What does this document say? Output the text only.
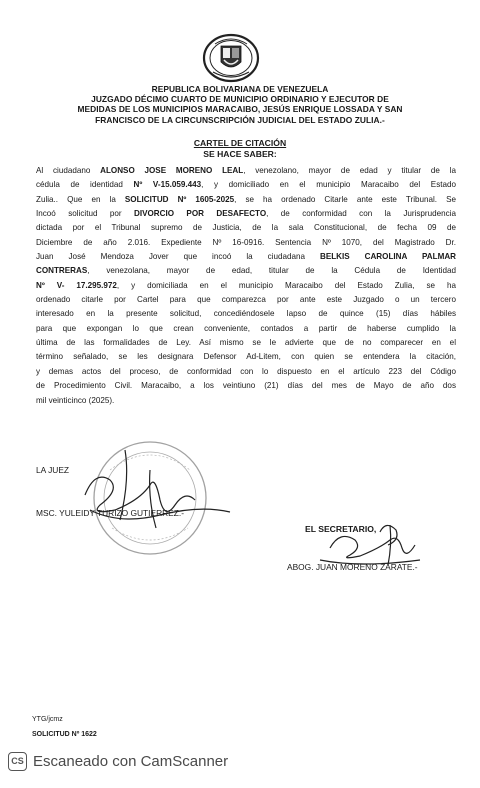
REPUBLICA BOLIVARIANA DE VENEZUELA
JUZGADO DÉCIMO CUARTO DE MUNICIPIO ORDINARIO Y EJECUTOR DE
MEDIDAS DE LOS MUNICIPIOS MARACAIBO, JESÚS ENRIQUE LOSSADA Y SAN
FRANCISCO DE LA CIRCUNSCRIPCIÓN JUDICIAL DEL ESTADO ZULIA.-
CARTEL DE CITACIÓN
SE HACE SABER:
Al ciudadano ALONSO JOSE MORENO LEAL, venezolano, mayor de edad y titular de la
cédula de identidad Nº V-15.059.443, y domiciliado en el municipio Maracaibo del Estado
Zulia.. Que en la SOLICITUD Nº 1605-2025, se ha ordenado Citarle ante este Tribunal. Se
Incoó solicitud por DIVORCIO POR DESAFECTO, de conformidad con la Jurisprudencia
dictada por el Tribunal supremo de Justicia, de la sala Constitucional, de fecha 09 de
Diciembre de año 2.016. Expediente Nº 16-0916. Sentencia Nº 1070, del Magistrado Dr.
Juan José Mendoza Jover que incoó la ciudadana BELKIS CAROLINA PALMAR
CONTRERAS, venezolana, mayor de edad, titular de la Cédula de Identidad
Nº V- 17.295.972, y domiciliada en el municipio Maracaibo del Estado Zulia, se ha
ordenado citarle por Cartel para que comparezca por ante este Juzgado o un tercero
interesado en la presente solicitud, concediéndosele lapso de quince (15) días hábiles
para que expongan lo que crean conveniente, contados a partir de haberse cumplido la
última de las formalidades de Ley. Así mismo se le advierte que de no comparecer en el
término señalado, se les designara Defensor Ad-Litem, con quien se entendera la citación,
y demas actos del proceso, de conformidad con lo dispuesto en el artículo 223 del Código
de Procedimiento Civil. Maracaibo, a los veintiuno (21) días del mes de Mayo de año dos
mil veinticinco (2025).
LA JUEZ
MSC. YULEIDY TURIZO GUTIERREZ.-
EL SECRETARIO,
ABOG. JUAN MORENO ZARATE.-
YTG/jcmz
SOLICITUD Nº 1622
CS Escaneado con CamScanner
